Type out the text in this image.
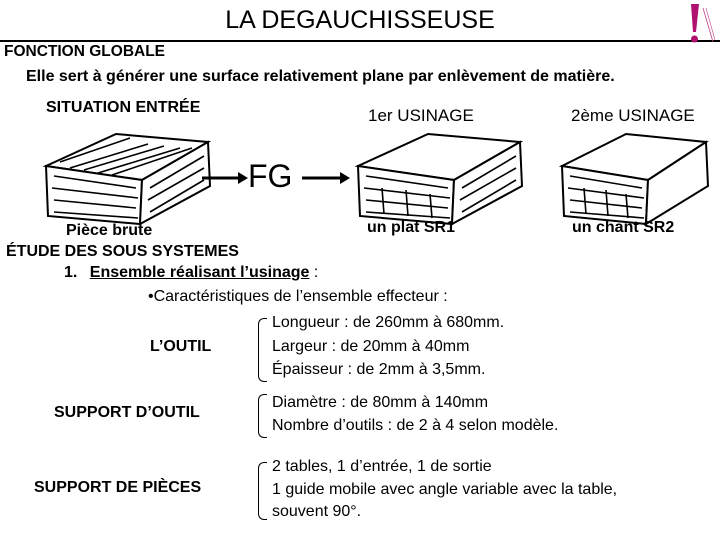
LA DEGAUCHISSEUSE
FONCTION GLOBALE
Elle sert à générer une surface relativement plane par enlèvement de matière.
SITUATION ENTRÉE	1er USINAGE	2ème USINAGE
FG
Pièce brute	un plat SR1	un chant SR2
ÉTUDE DES SOUS SYSTEMES
1. Ensemble réalisant l’usinage :
•Caractéristiques de l’ensemble effecteur :
L’OUTIL
Longueur : de 260mm à 680mm.
Largeur : de 20mm à 40mm
Épaisseur : de 2mm à 3,5mm.
SUPPORT D’OUTIL
Diamètre : de 80mm à 140mm
Nombre d’outils : de 2 à 4 selon modèle.
SUPPORT DE PIÈCES
2 tables, 1 d’entrée, 1 de sortie
1 guide mobile avec angle variable avec la table,
souvent 90°.
